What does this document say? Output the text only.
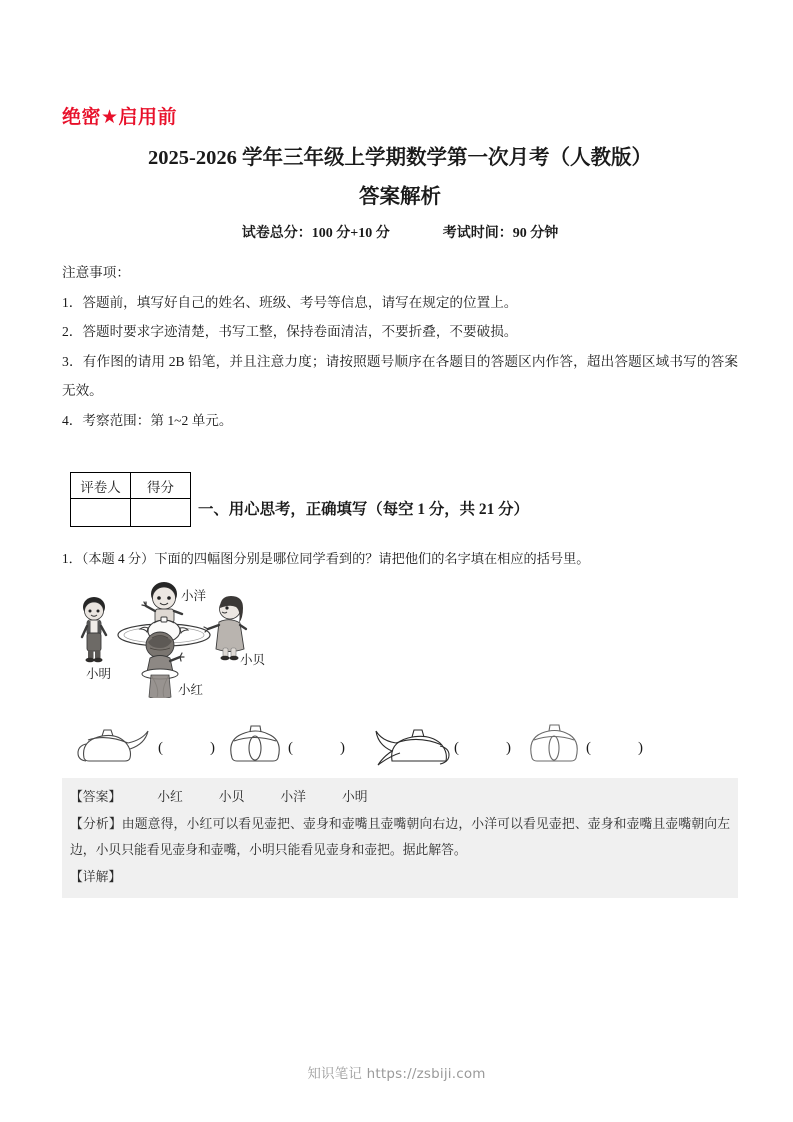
绝密★启用前
2025-2026 学年三年级上学期数学第一次月考（人教版）
答案解析
试卷总分：100 分+10 分	考试时间：90 分钟
注意事项：
1．答题前，填写好自己的姓名、班级、考号等信息，请写在规定的位置上。
2．答题时要求字迹清楚，书写工整，保持卷面清洁，不要折叠，不要破损。
3．有作图的请用 2B 铅笔，并且注意力度；请按照题号顺序在各题目的答题区内作答，超出答题区域书写的答案无效。
4．考察范围：第 1~2 单元。
评卷人	得分

一、用心思考，正确填写（每空 1 分，共 21 分）
1．（本题 4 分）下面的四幅图分别是哪位同学看到的？请把他们的名字填在相应的括号里。
小明
小洋
小贝
小红
(	)	(	)	(	)	(	)
【答案】	小红	小贝	小洋	小明
【分析】由题意得，小红可以看见壶把、壶身和壶嘴且壶嘴朝向右边，小洋可以看见壶把、壶身和壶嘴且壶嘴朝向左边，小贝只能看见壶身和壶嘴，小明只能看见壶身和壶把。据此解答。
【详解】
知识笔记 https://zsbiji.com
